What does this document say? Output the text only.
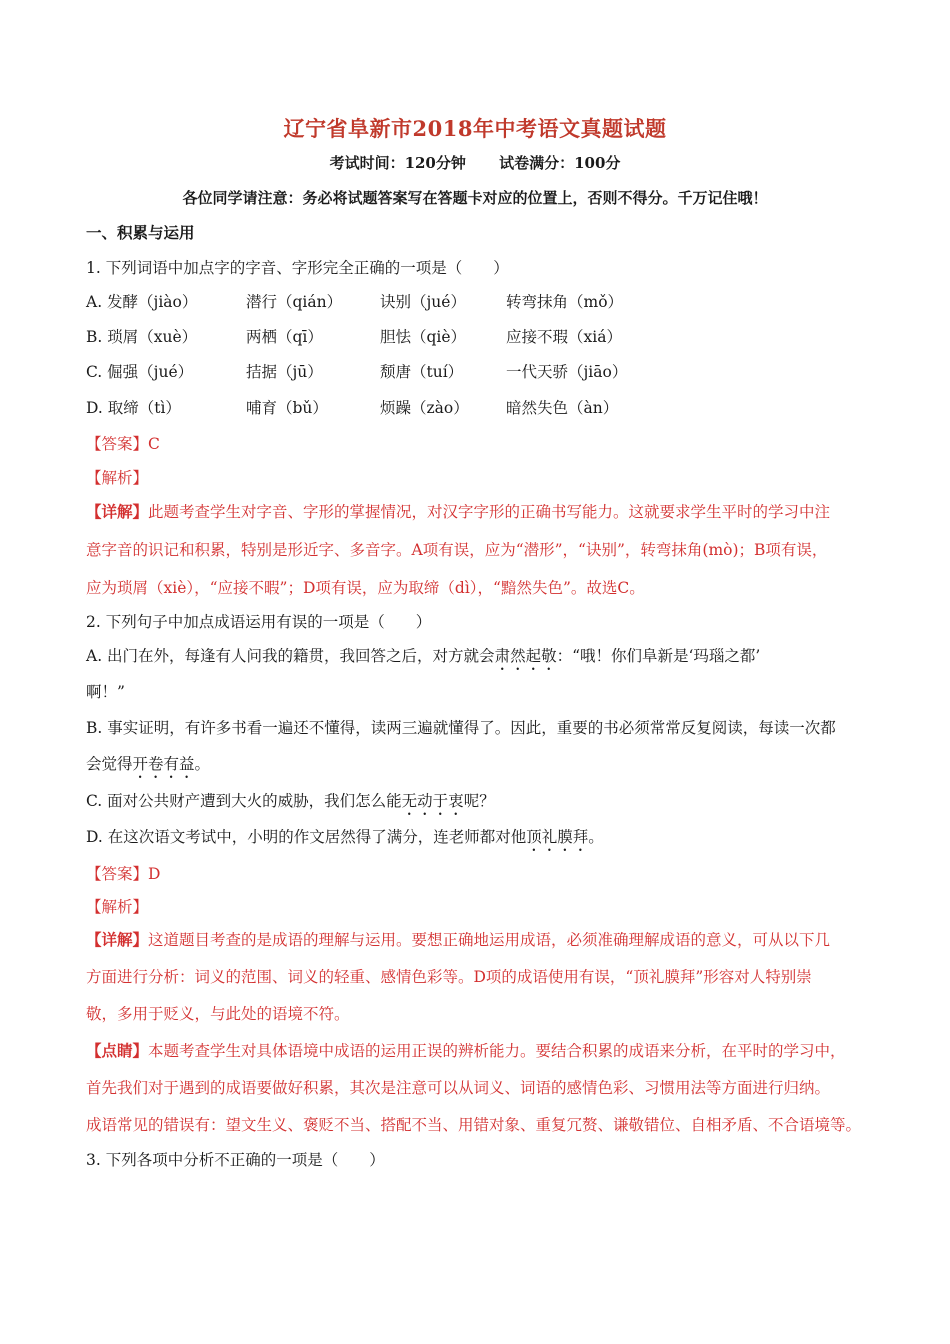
辽宁省阜新市2018年中考语文真题试题
考试时间：120分钟 试卷满分：100分
各位同学请注意：务必将试题答案写在答题卡对应的位置上，否则不得分。千万记住哦！
一、积累与运用
1. 下列词语中加点字的字音、字形完全正确的一项是（　　）
A. 发酵（jiào）	潜行（qián） 诀别（jué）	转弯抹角（mǒ）
B. 琐屑（xuè）	两栖（qī）	胆怯（qiè）	应接不瑕（xiá）
C. 倔强（jué）	拮据（jū）	颓唐（tuí）	一代天骄（jiāo）
D. 取缔（tì）	哺育（bǔ）	烦躁（zào） 暗然失色（àn）
【答案】C
【解析】
【详解】此题考查学生对字音、字形的掌握情况，对汉字字形的正确书写能力。这就要求学生平时的学习中注
意字音的识记和积累，特别是形近字、多音字。A项有误，应为“潜形”，“诀别”，转弯抹角(mò)；B项有误，
应为琐屑（xiè），“应接不暇”；D项有误，应为取缔（dì），“黯然失色”。故选C。
2. 下列句子中加点成语运用有误的一项是（　　）
A. 出门在外，每逢有人问我的籍贯，我回答之后，对方就会肃然起敬：“哦！你们阜新是‘玛瑙之都’
啊！”
B. 事实证明，有许多书看一遍还不懂得，读两三遍就懂得了。因此，重要的书必须常常反复阅读，每读一次都
会觉得开卷有益。
C. 面对公共财产遭到大火的威胁，我们怎么能无动于衷呢？
D. 在这次语文考试中，小明的作文居然得了满分，连老师都对他顶礼膜拜。
【答案】D
【解析】
【详解】这道题目考查的是成语的理解与运用。要想正确地运用成语，必须准确理解成语的意义，可从以下几
方面进行分析：词义的范围、词义的轻重、感情色彩等。D项的成语使用有误，“顶礼膜拜”形容对人特别崇
敬，多用于贬义，与此处的语境不符。
【点睛】本题考查学生对具体语境中成语的运用正误的辨析能力。要结合积累的成语来分析，在平时的学习中，
首先我们对于遇到的成语要做好积累，其次是注意可以从词义、词语的感情色彩、习惯用法等方面进行归纳。
成语常见的错误有：望文生义、褒贬不当、搭配不当、用错对象、重复冗赘、谦敬错位、自相矛盾、不合语境等。
3. 下列各项中分析不正确的一项是（　　）
